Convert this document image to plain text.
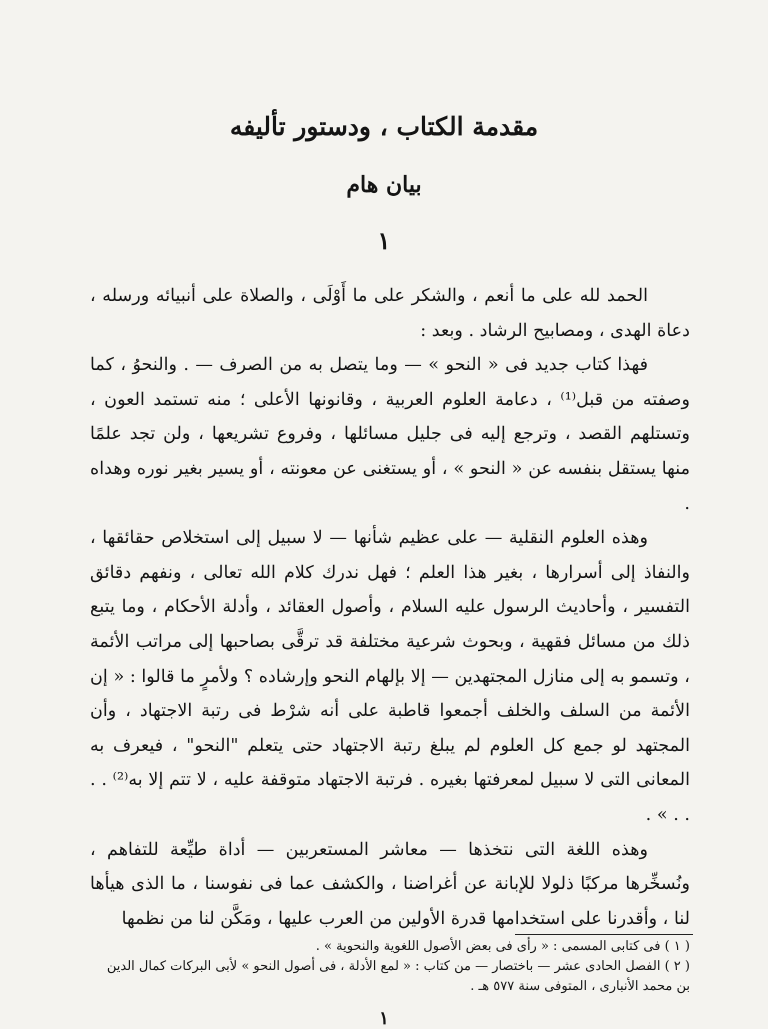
مقدمة الكتاب ، ودستور تأليفه
بيان هام
١

الحمد لله على ما أنعم ، والشكر على ما أَوْلَى ، والصلاة على أنبيائه ورسله ، دعاة الهدى ، ومصابيح الرشاد . وبعد :

فهذا كتاب جديد فى « النحو » — وما يتصل به من الصرف — . والنحوُ ، كما وصفته من قبل⁽¹⁾ ، دعامة العلوم العربية ، وقانونها الأعلى ؛ منه تستمد العون ، وتستلهم القصد ، وترجع إليه فى جليل مسائلها ، وفروع تشريعها ، ولن تجد علمًا منها يستقل بنفسه عن « النحو » ، أو يستغنى عن معونته ، أو يسير بغير نوره وهداه .

وهذه العلوم النقلية — على عظيم شأنها — لا سبيل إلى استخلاص حقائقها ، والنفاذ إلى أسرارها ، بغير هذا العلم ؛ فهل ندرك كلام الله تعالى ، ونفهم دقائق التفسير ، وأحاديث الرسول عليه السلام ، وأصول العقائد ، وأدلة الأحكام ، وما يتبع ذلك من مسائل فقهية ، وبحوث شرعية مختلفة قد ترقَّى بصاحبها إلى مراتب الأئمة ، وتسمو به إلى منازل المجتهدين — إلا بإلهام النحو وإرشاده ؟ ولأمرٍ ما قالوا : « إن الأئمة من السلف والخلف أجمعوا قاطبة على أنه شرْط فى رتبة الاجتهاد ، وأن المجتهد لو جمع كل العلوم لم يبلغ رتبة الاجتهاد حتى يتعلم "النحو" ، فيعرف به المعانى التى لا سبيل لمعرفتها بغيره . فرتبة الاجتهاد متوقفة عليه ، لا تتم إلا به⁽²⁾ . . . . » .

وهذه اللغة التى نتخذها — معاشر المستعربين — أداة طيِّعة للتفاهم ، ونُسخِّرها مركبًا ذلولا للإبانة عن أغراضنا ، والكشف عما فى نفوسنا ، ما الذى هيأها لنا ، وأقدرنا على استخدامها قدرة الأولين من العرب عليها ، ومَكَّن لنا من نظمها

( ١ ) فى كتابى المسمى : « رأى فى بعض الأصول اللغوية والنحوية » .

( ٢ ) الفصل الحادى عشر — باختصار — من كتاب : « لمع الأدلة ، فى أصول النحو » لأبى البركات كمال الدين بن محمد الأنبارى ، المتوفى سنة ٥٧٧ هـ .

١
